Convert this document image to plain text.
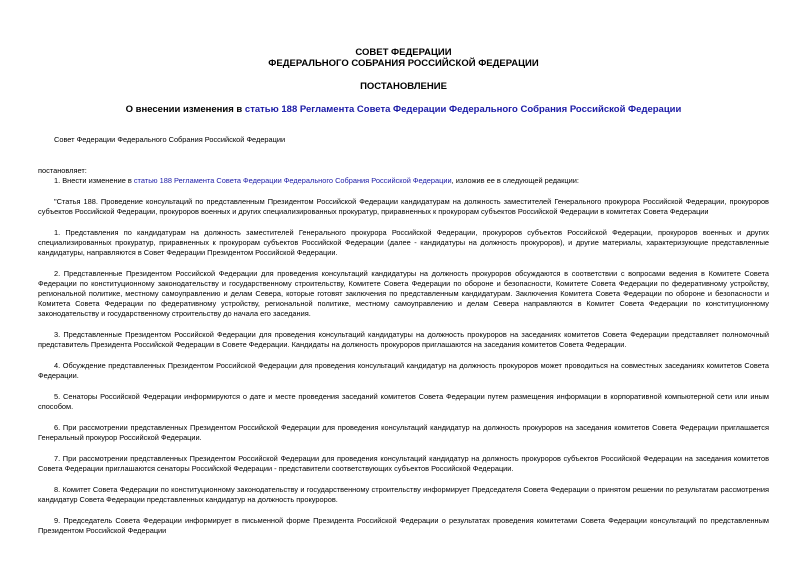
СОВЕТ ФЕДЕРАЦИИ
ФЕДЕРАЛЬНОГО СОБРАНИЯ РОССИЙСКОЙ ФЕДЕРАЦИИ
ПОСТАНОВЛЕНИЕ
О внесении изменения в статью 188 Регламента Совета Федерации Федерального Собрания Российской Федерации
Совет Федерации Федерального Собрания Российской Федерации
постановляет:

1. Внести изменение в статью 188 Регламента Совета Федерации Федерального Собрания Российской Федерации, изложив ее в следующей редакции:

"Статья 188. Проведение консультаций по представленным Президентом Российской Федерации кандидатурам на должность заместителей Генерального прокурора Российской Федерации, прокуроров субъектов Российской Федерации, прокуроров военных и других специализированных прокуратур, приравненных к прокурорам субъектов Российской Федерации в комитетах Совета Федерации

1. Представления по кандидатурам на должность заместителей Генерального прокурора Российской Федерации, прокуроров субъектов Российской Федерации, прокуроров военных и других специализированных прокуратур, приравненных к прокурорам субъектов Российской Федерации (далее - кандидатуры на должность прокуроров), и другие материалы, характеризующие представленные кандидатуры, направляются в Совет Федерации Президентом Российской Федерации.

2. Представленные Президентом Российской Федерации для проведения консультаций кандидатуры на должность прокуроров обсуждаются в соответствии с вопросами ведения в Комитете Совета Федерации по конституционному законодательству и государственному строительству, Комитете Совета Федерации по обороне и безопасности, Комитете Совета Федерации по федеративному устройству, региональной политике, местному самоуправлению и делам Севера, которые готовят заключения по представленным кандидатурам. Заключения Комитета Совета Федерации по обороне и безопасности и Комитета Совета Федерации по федеративному устройству, региональной политике, местному самоуправлению и делам Севера направляются в Комитет Совета Федерации по конституционному законодательству и государственному строительству до начала его заседания.

3. Представленные Президентом Российской Федерации для проведения консультаций кандидатуры на должность прокуроров на заседаниях комитетов Совета Федерации представляет полномочный представитель Президента Российской Федерации в Совете Федерации. Кандидаты на должность прокуроров приглашаются на заседания комитетов Совета Федерации.

4. Обсуждение представленных Президентом Российской Федерации для проведения консультаций кандидатур на должность прокуроров может проводиться на совместных заседаниях комитетов Совета Федерации.

5. Сенаторы Российской Федерации информируются о дате и месте проведения заседаний комитетов Совета Федерации путем размещения информации в корпоративной компьютерной сети или иным способом.

6. При рассмотрении представленных Президентом Российской Федерации для проведения консультаций кандидатур на должность прокуроров на заседания комитетов Совета Федерации приглашается Генеральный прокурор Российской Федерации.

7. При рассмотрении представленных Президентом Российской Федерации для проведения консультаций кандидатур на должность прокуроров субъектов Российской Федерации на заседания комитетов Совета Федерации приглашаются сенаторы Российской Федерации - представители соответствующих субъектов Российской Федерации.

8. Комитет Совета Федерации по конституционному законодательству и государственному строительству информирует Председателя Совета Федерации о принятом решении по результатам рассмотрения кандидатур Совета Федерации представленных кандидатур на должность прокуроров.

9. Председатель Совета Федерации информирует в письменной форме Президента Российской Федерации о результатах проведения комитетами Совета Федерации консультаций по представленным Президентом Российской Федерации
